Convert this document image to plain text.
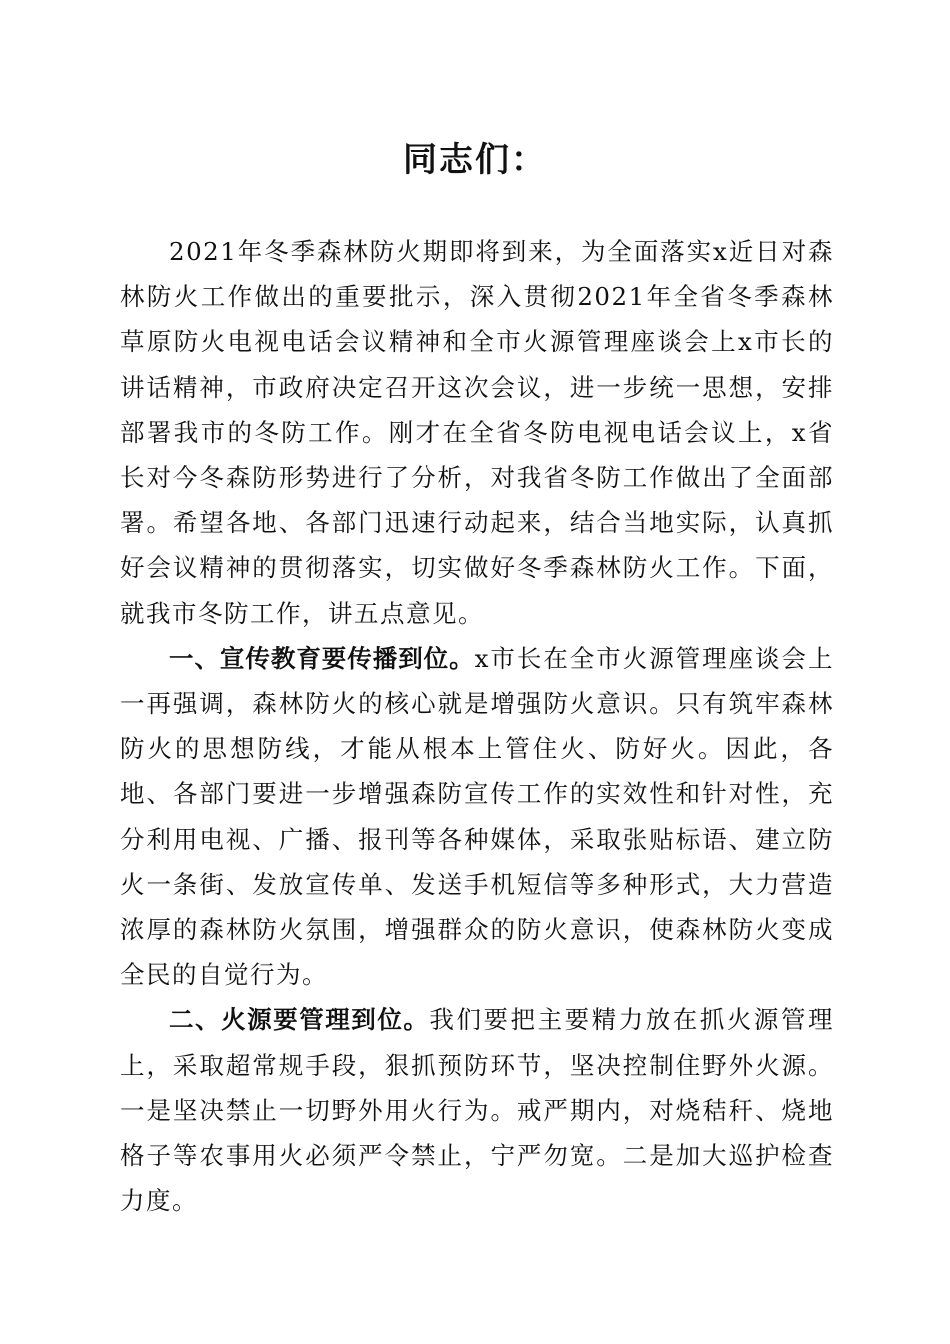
同志们：

2021年冬季森林防火期即将到来，为全面落实x近日对森林防火工作做出的重要批示，深入贯彻2021年全省冬季森林草原防火电视电话会议精神和全市火源管理座谈会上x市长的讲话精神，市政府决定召开这次会议，进一步统一思想，安排部署我市的冬防工作。刚才在全省冬防电视电话会议上，x省长对今冬森防形势进行了分析，对我省冬防工作做出了全面部署。希望各地、各部门迅速行动起来，结合当地实际，认真抓好会议精神的贯彻落实，切实做好冬季森林防火工作。下面，就我市冬防工作，讲五点意见。

一、宣传教育要传播到位。x市长在全市火源管理座谈会上一再强调，森林防火的核心就是增强防火意识。只有筑牢森林防火的思想防线，才能从根本上管住火、防好火。因此，各地、各部门要进一步增强森防宣传工作的实效性和针对性，充分利用电视、广播、报刊等各种媒体，采取张贴标语、建立防火一条街、发放宣传单、发送手机短信等多种形式，大力营造浓厚的森林防火氛围，增强群众的防火意识，使森林防火变成全民的自觉行为。

二、火源要管理到位。我们要把主要精力放在抓火源管理上，采取超常规手段，狠抓预防环节，坚决控制住野外火源。一是坚决禁止一切野外用火行为。戒严期内，对烧秸秆、烧地格子等农事用火必须严令禁止，宁严勿宽。二是加大巡护检查力度。
